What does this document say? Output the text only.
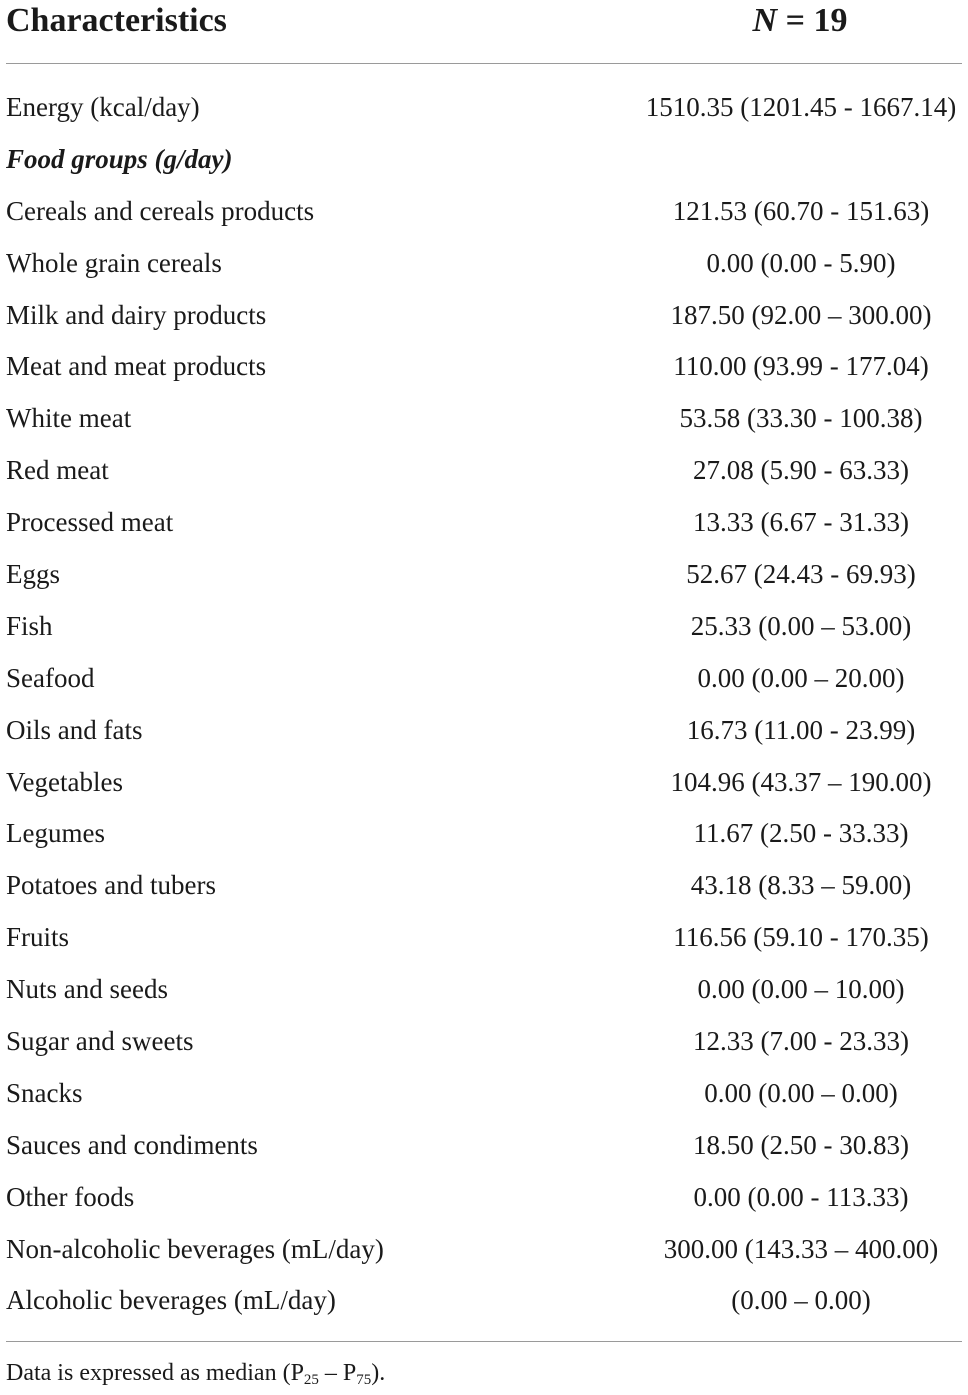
Characteristics	N = 19
Energy (kcal/day)	1510.35 (1201.45 - 1667.14)
Food groups (g/day)
Cereals and cereals products	121.53 (60.70 - 151.63)
Whole grain cereals	0.00 (0.00 - 5.90)
Milk and dairy products	187.50 (92.00 – 300.00)
Meat and meat products	110.00 (93.99 - 177.04)
White meat	53.58 (33.30 - 100.38)
Red meat	27.08 (5.90 - 63.33)
Processed meat	13.33 (6.67 - 31.33)
Eggs	52.67 (24.43 - 69.93)
Fish	25.33 (0.00 – 53.00)
Seafood	0.00 (0.00 – 20.00)
Oils and fats	16.73 (11.00 - 23.99)
Vegetables	104.96 (43.37 – 190.00)
Legumes	11.67 (2.50 - 33.33)
Potatoes and tubers	43.18 (8.33 – 59.00)
Fruits	116.56 (59.10 - 170.35)
Nuts and seeds	0.00 (0.00 – 10.00)
Sugar and sweets	12.33 (7.00 - 23.33)
Snacks	0.00 (0.00 – 0.00)
Sauces and condiments	18.50 (2.50 - 30.83)
Other foods	0.00 (0.00 - 113.33)
Non-alcoholic beverages (mL/day)	300.00 (143.33 – 400.00)
Alcoholic beverages (mL/day)	(0.00 – 0.00)
Data is expressed as median $(P_{25} - P_{75})$.
